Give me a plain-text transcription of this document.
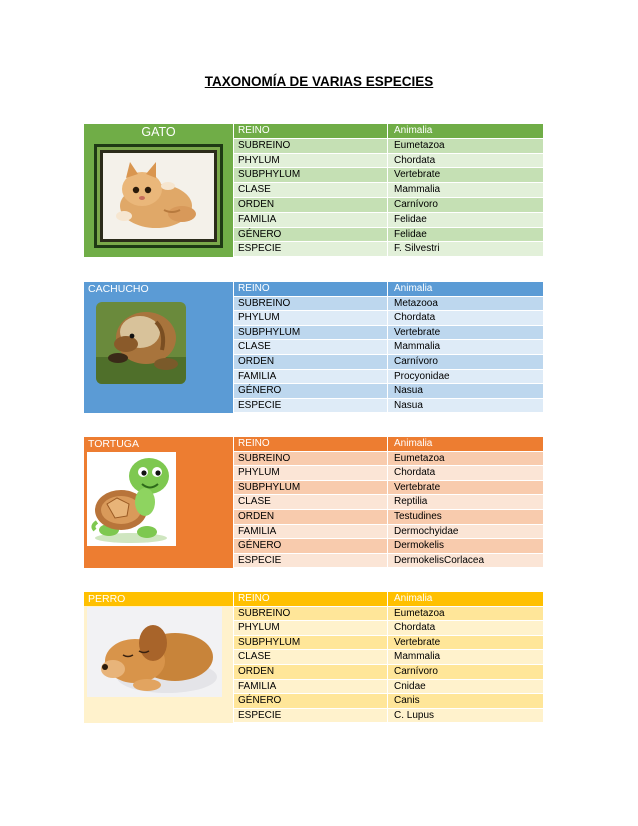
TAXONOMÍA DE VARIAS ESPECIES
GATO	REINO	Animalia
SUBREINO	Eumetazoa
PHYLUM	Chordata
SUBPHYLUM	Vertebrate
CLASE	Mammalia
ORDEN	Carnívoro
FAMILIA	Felidae
GÉNERO	Felidae
ESPECIE	F. Silvestri
CACHUCHO	REINO	Animalia
SUBREINO	Metazooa
PHYLUM	Chordata
SUBPHYLUM	Vertebrate
CLASE	Mammalia
ORDEN	Carnívoro
FAMILIA	Procyonidae
GÉNERO	Nasua
ESPECIE	Nasua
TORTUGA	REINO	Animalia
SUBREINO	Eumetazoa
PHYLUM	Chordata
SUBPHYLUM	Vertebrate
CLASE	Reptilia
ORDEN	Testudines
FAMILIA	Dermochyidae
GÉNERO	Dermokelis
ESPECIE	DermokelisCorlacea
PERRO	REINO	Animalia
SUBREINO	Eumetazoa
PHYLUM	Chordata
SUBPHYLUM	Vertebrate
CLASE	Mammalia
ORDEN	Carnívoro
FAMILIA	Cnidae
GÉNERO	Canis
ESPECIE	C. Lupus
